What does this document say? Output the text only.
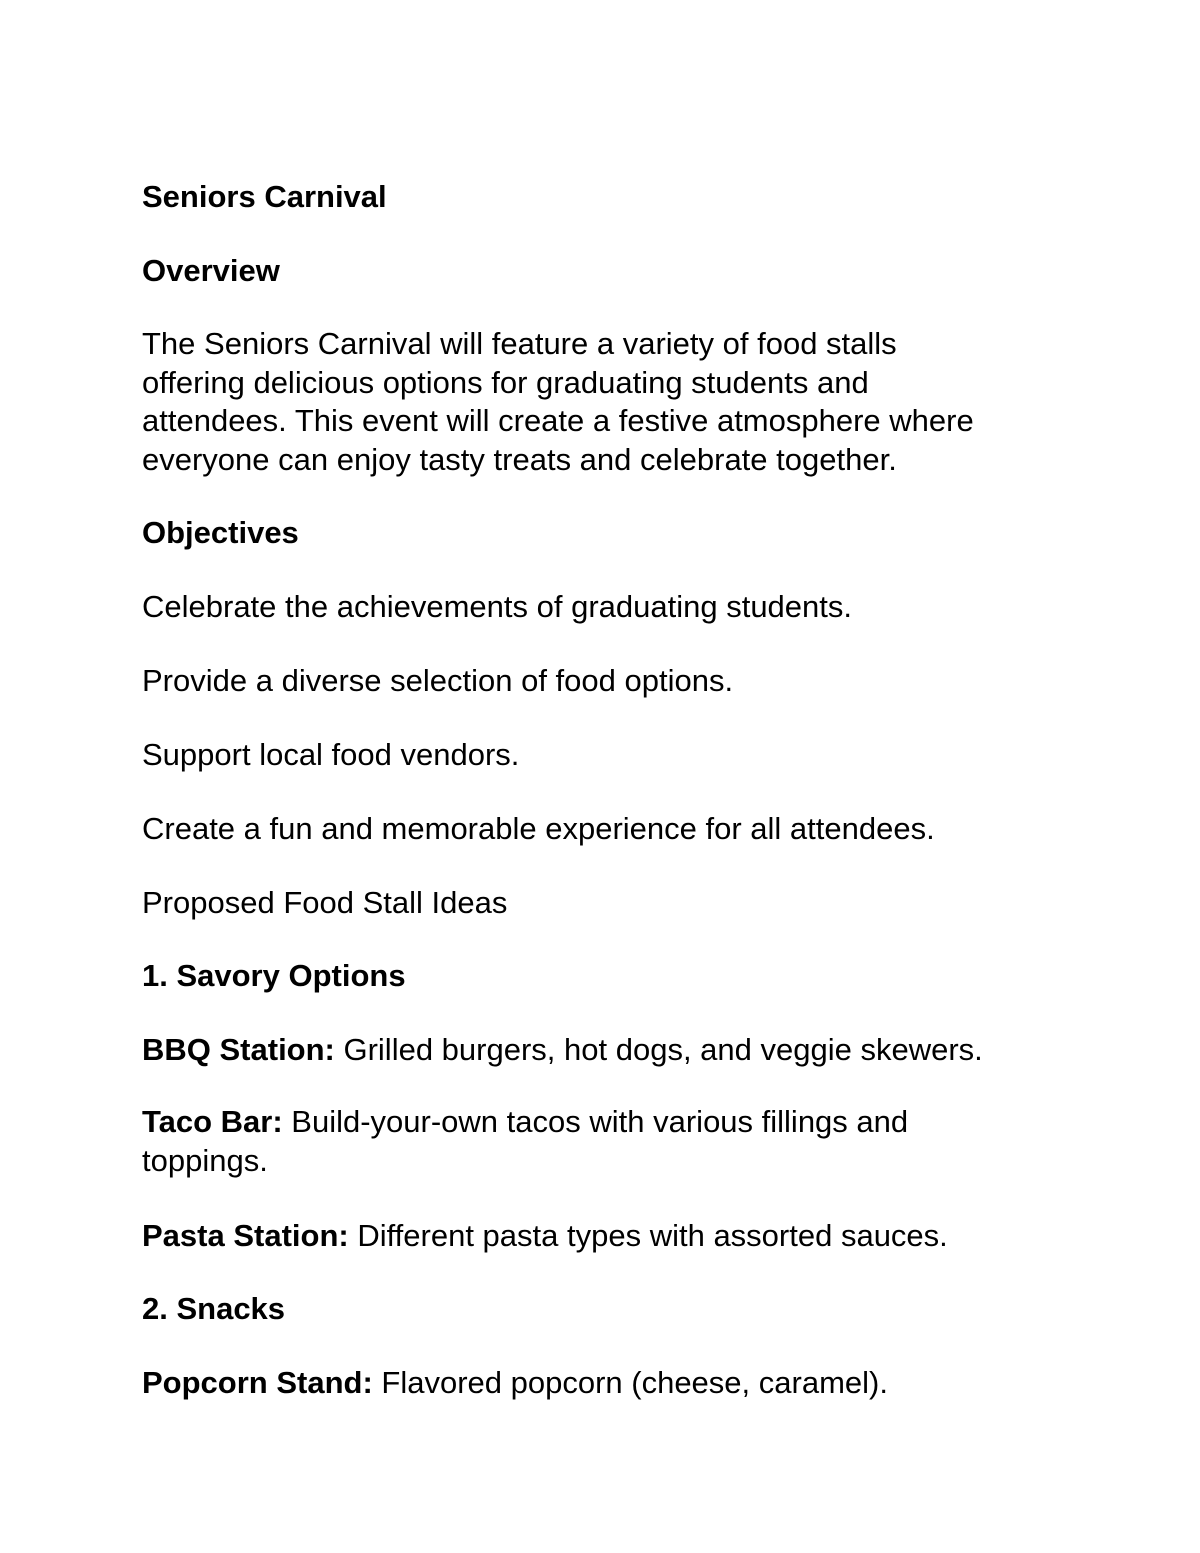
Seniors Carnival

Overview

The Seniors Carnival will feature a variety of food stalls
offering delicious options for graduating students and
attendees. This event will create a festive atmosphere where
everyone can enjoy tasty treats and celebrate together.

Objectives

Celebrate the achievements of graduating students.

Provide a diverse selection of food options.

Support local food vendors.

Create a fun and memorable experience for all attendees.

Proposed Food Stall Ideas

1. Savory Options

BBQ Station: Grilled burgers, hot dogs, and veggie skewers.

Taco Bar: Build-your-own tacos with various fillings and
toppings.

Pasta Station: Different pasta types with assorted sauces.

2. Snacks

Popcorn Stand: Flavored popcorn (cheese, caramel).
